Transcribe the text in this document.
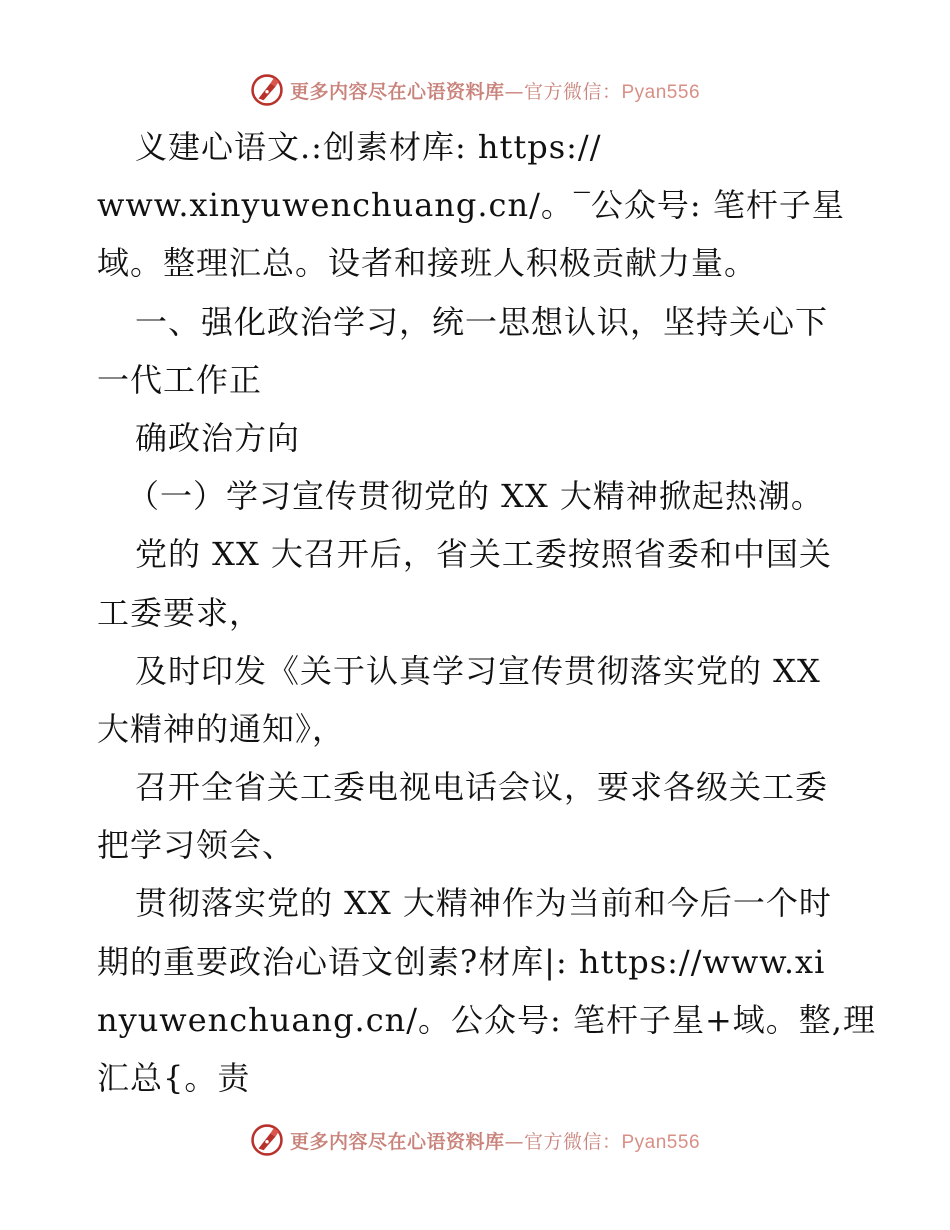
更多内容尽在心语资料库—官方微信：Pyan556
义建心语文.:创素材库: https://
www.xinyuwenchuang.cn/。‾公众号: 笔杆子星
域。整理汇总。设者和接班人积极贡献力量。
一、强化政治学习，统一思想认识，坚持关心下
一代工作正
确政治方向
（一）学习宣传贯彻党的 XX 大精神掀起热潮。
党的 XX 大召开后，省关工委按照省委和中国关
工委要求，
及时印发《关于认真学习宣传贯彻落实党的 XX
大精神的通知》，
召开全省关工委电视电话会议，要求各级关工委
把学习领会、
贯彻落实党的 XX 大精神作为当前和今后一个时
期的重要政治心语文创素?材库|: https://www.xi
nyuwenchuang.cn/。公众号: 笔杆子星+域。整,理
汇总{。责
更多内容尽在心语资料库—官方微信：Pyan556
